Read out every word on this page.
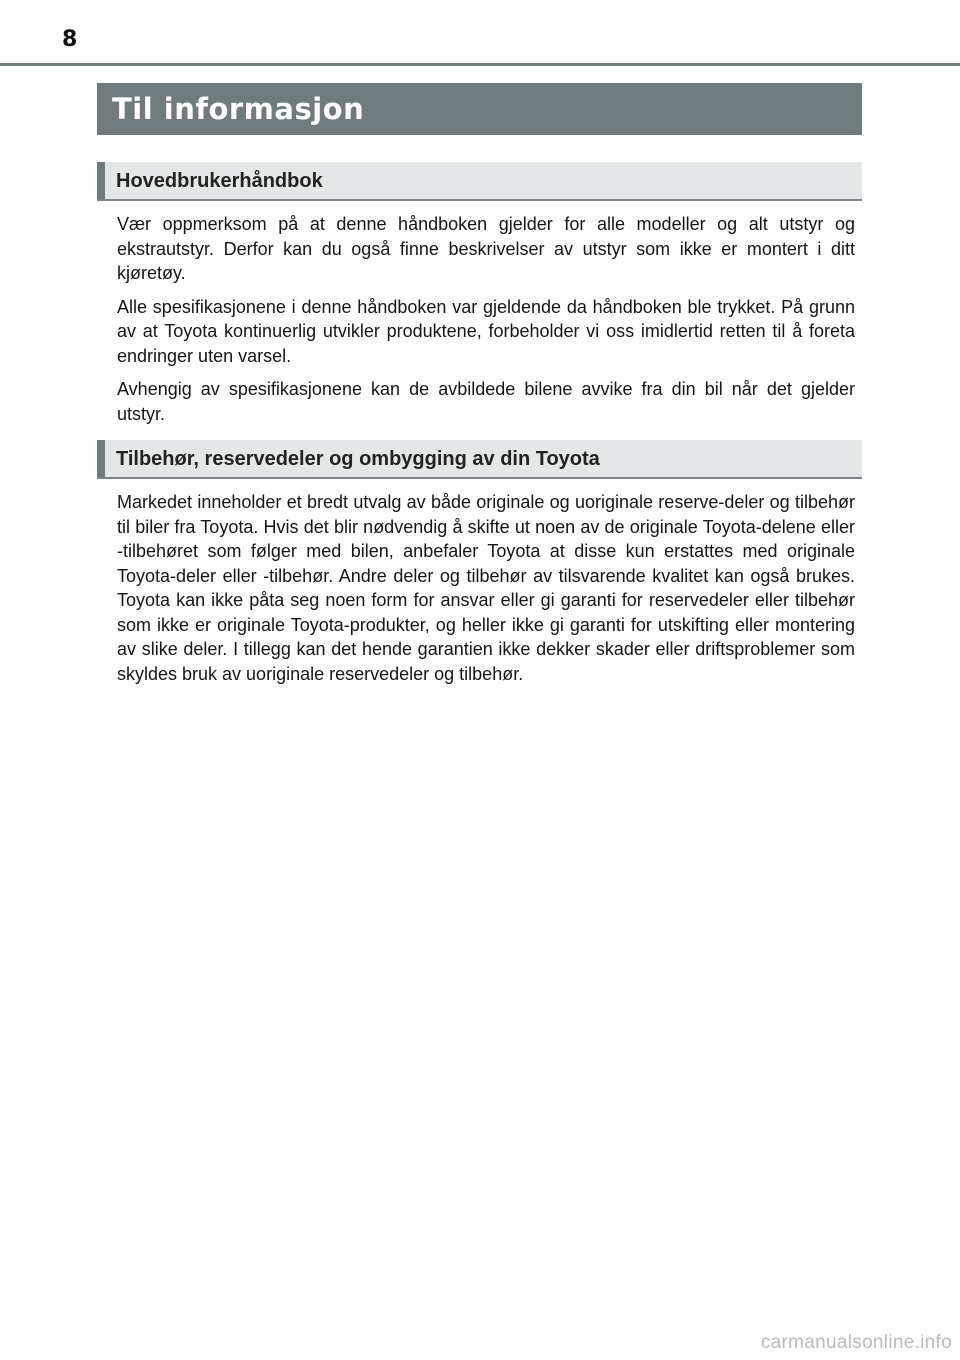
8
Til informasjon
Hovedbrukerhåndbok

Vær oppmerksom på at denne håndboken gjelder for alle modeller og alt utstyr og ekstrautstyr. Derfor kan du også finne beskrivelser av utstyr som ikke er montert i ditt kjøretøy.

Alle spesifikasjonene i denne håndboken var gjeldende da håndboken ble trykket. På grunn av at Toyota kontinuerlig utvikler produktene, forbeholder vi oss imidlertid retten til å foreta endringer uten varsel.

Avhengig av spesifikasjonene kan de avbildede bilene avvike fra din bil når det gjelder utstyr.

Tilbehør, reservedeler og ombygging av din Toyota

Markedet inneholder et bredt utvalg av både originale og uoriginale reserve-deler og tilbehør til biler fra Toyota. Hvis det blir nødvendig å skifte ut noen av de originale Toyota-delene eller -tilbehøret som følger med bilen, anbefaler Toyota at disse kun erstattes med originale Toyota-deler eller -tilbehør. Andre deler og tilbehør av tilsvarende kvalitet kan også brukes. Toyota kan ikke påta seg noen form for ansvar eller gi garanti for reservedeler eller tilbehør som ikke er originale Toyota-produkter, og heller ikke gi garanti for utskifting eller montering av slike deler. I tillegg kan det hende garantien ikke dekker skader eller driftsproblemer som skyldes bruk av uoriginale reservedeler og tilbehør.

carmanualsonline.info
